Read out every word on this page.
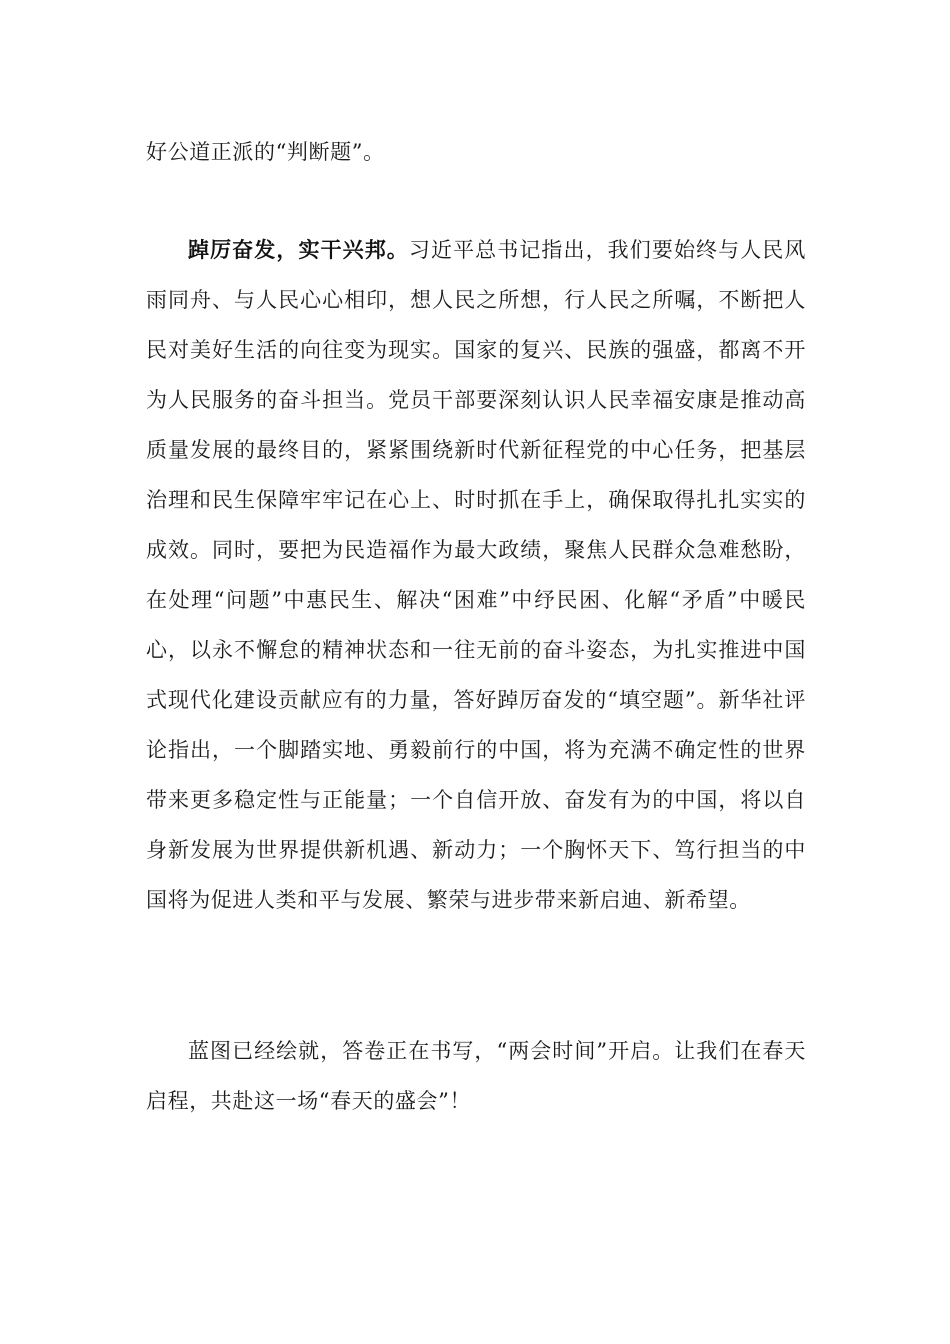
好公道正派的“判断题”。

踔厉奋发，实干兴邦。习近平总书记指出，我们要始终与人民风雨同舟、与人民心心相印，想人民之所想，行人民之所嘱，不断把人民对美好生活的向往变为现实。国家的复兴、民族的强盛，都离不开为人民服务的奋斗担当。党员干部要深刻认识人民幸福安康是推动高质量发展的最终目的，紧紧围绕新时代新征程党的中心任务，把基层治理和民生保障牢牢记在心上、时时抓在手上，确保取得扎扎实实的成效。同时，要把为民造福作为最大政绩，聚焦人民群众急难愁盼，在处理“问题”中惠民生、解决“困难”中纾民困、化解“矛盾”中暖民心，以永不懈怠的精神状态和一往无前的奋斗姿态，为扎实推进中国式现代化建设贡献应有的力量，答好踔厉奋发的“填空题”。新华社评论指出，一个脚踏实地、勇毅前行的中国，将为充满不确定性的世界带来更多稳定性与正能量；一个自信开放、奋发有为的中国，将以自身新发展为世界提供新机遇、新动力；一个胸怀天下、笃行担当的中国将为促进人类和平与发展、繁荣与进步带来新启迪、新希望。

蓝图已经绘就，答卷正在书写，“两会时间”开启。让我们在春天启程，共赴这一场“春天的盛会”！
